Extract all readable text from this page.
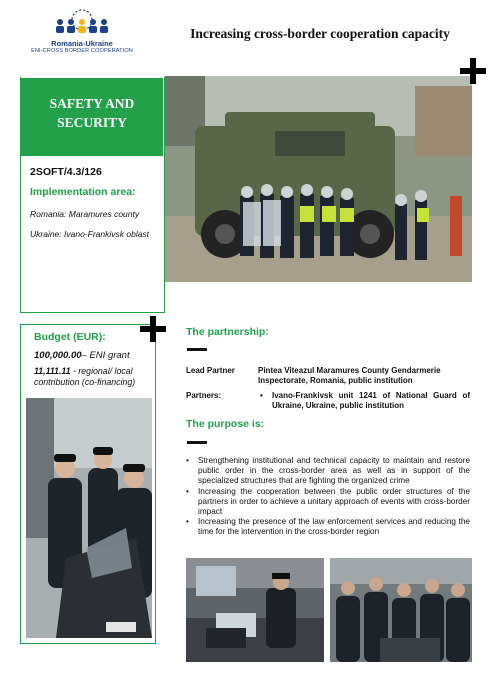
Romania-Ukraine
ENI-CROSS BORDER COOPERATION
Increasing cross-border cooperation capacity
SAFETY AND
SECURITY
2SOFT/4.3/126
Implementation area:
Romania: Maramures county
Ukraine: Ivano-Frankivsk oblast
Budget (EUR):
100,000.00– ENI grant
11,111.11 - regional/ local contribution (co-financing)
The partnership:
Lead Partner	Pintea Viteazul Maramures County Gendarmerie Inspectorate, Romania, public institution
Partners:
•	Ivano-Frankivsk unit 1241 of National Guard of Ukraine, Ukraine, public institution
The purpose is:
• Strengthening institutional and technical capacity to maintain and restore public order in the cross-border area as well as in support of the specialized structures that are fighting the organized crime
• Increasing the cooperation between the public order structures of the partners in order to achieve a unitary approach of events with cross-border impact
• Increasing the presence of the law enforcement services and reducing the time for the intervention in the cross-border region
